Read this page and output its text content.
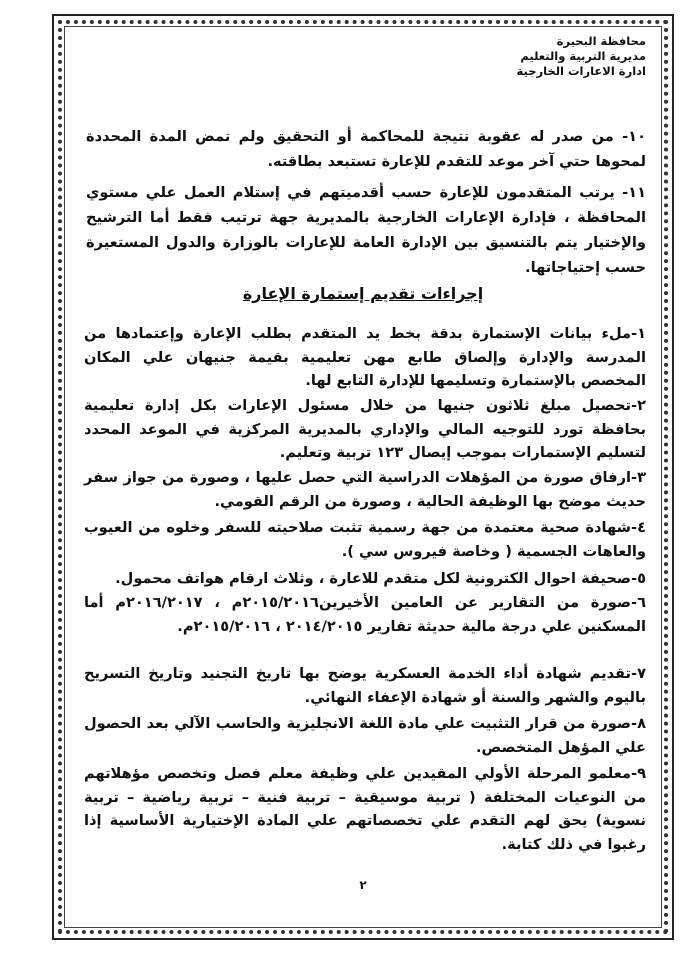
محافظة البحيرة
مديرية التربية والتعليم
ادارة الاعارات الخارجية
١٠- من صدر له عقوبة نتيجة للمحاكمة أو التحقيق ولم تمض المدة المحددة لمحوها حتي آخر موعد للتقدم للإعارة تستبعد بطاقته.
١١- يرتب المتقدمون للإعارة حسب أقدميتهم في إستلام العمل علي مستوي المحافظة ، فإدارة الإعارات الخارجية بالمديرية جهة ترتيب فقط أما الترشيح والإختيار يتم بالتنسيق بين الإدارة العامة للإعارات بالوزارة والدول المستعيرة حسب إحتياجاتها.
إجراءات تقديم إستمارة الإعارة
١-ملء بيانات الإستمارة بدقة بخط يد المتقدم بطلب الإعارة وإعتمادها من المدرسة والإدارة وإلصاق طابع مهن تعليمية بقيمة جنيهان علي المكان المخصص بالإستمارة وتسليمها للإدارة التابع لها.
٢-تحصيل مبلغ ثلاثون جنيها من خلال مسئول الإعارات بكل إدارة تعليمية بحافظة تورد للتوجيه المالي والإداري بالمديرية المركزية في الموعد المحدد لتسليم الإستمارات بموجب إيصال ١٢٣ تربية وتعليم.
٣-ارفاق صورة من المؤهلات الدراسية التي حصل عليها ، وصورة من جواز سفر حديث موضح بها الوظيفة الحالية ، وصورة من الرقم القومي.
٤-شهادة صحية معتمدة من جهة رسمية تثبت صلاحيته للسفر وخلوه من العيوب والعاهات الجسمية ( وخاصة فيروس سي ).
٥-صحيفة احوال الكترونية لكل متقدم للاعارة ، وثلاث ارقام هواتف محمول.
٦-صورة من التقارير عن العامين الأخيرين٢٠١٥/٢٠١٦م ، ٢٠١٦/٢٠١٧م أما المسكنين علي درجة مالية حديثة تقارير ٢٠١٤/٢٠١٥ ، ٢٠١٥/٢٠١٦م.
٧-تقديم شهادة أداء الخدمة العسكرية يوضح بها تاريخ التجنيد وتاريخ التسريح باليوم والشهر والسنة أو شهادة الإعفاء النهائي.
٨-صورة من قرار التثبيت علي مادة اللغة الانجليزية والحاسب الآلي بعد الحصول علي المؤهل المتخصص.
٩-معلمو المرحلة الأولي المقيدين علي وظيفة معلم فصل وتخصص مؤهلاتهم من النوعيات المختلفة ( تربية موسيقية – تربية فنية – تربية رياضية – تربية نسوية) يحق لهم التقدم علي تخصصاتهم علي المادة الإختيارية الأساسية إذا رغبوا في ذلك كتابة.
٢
